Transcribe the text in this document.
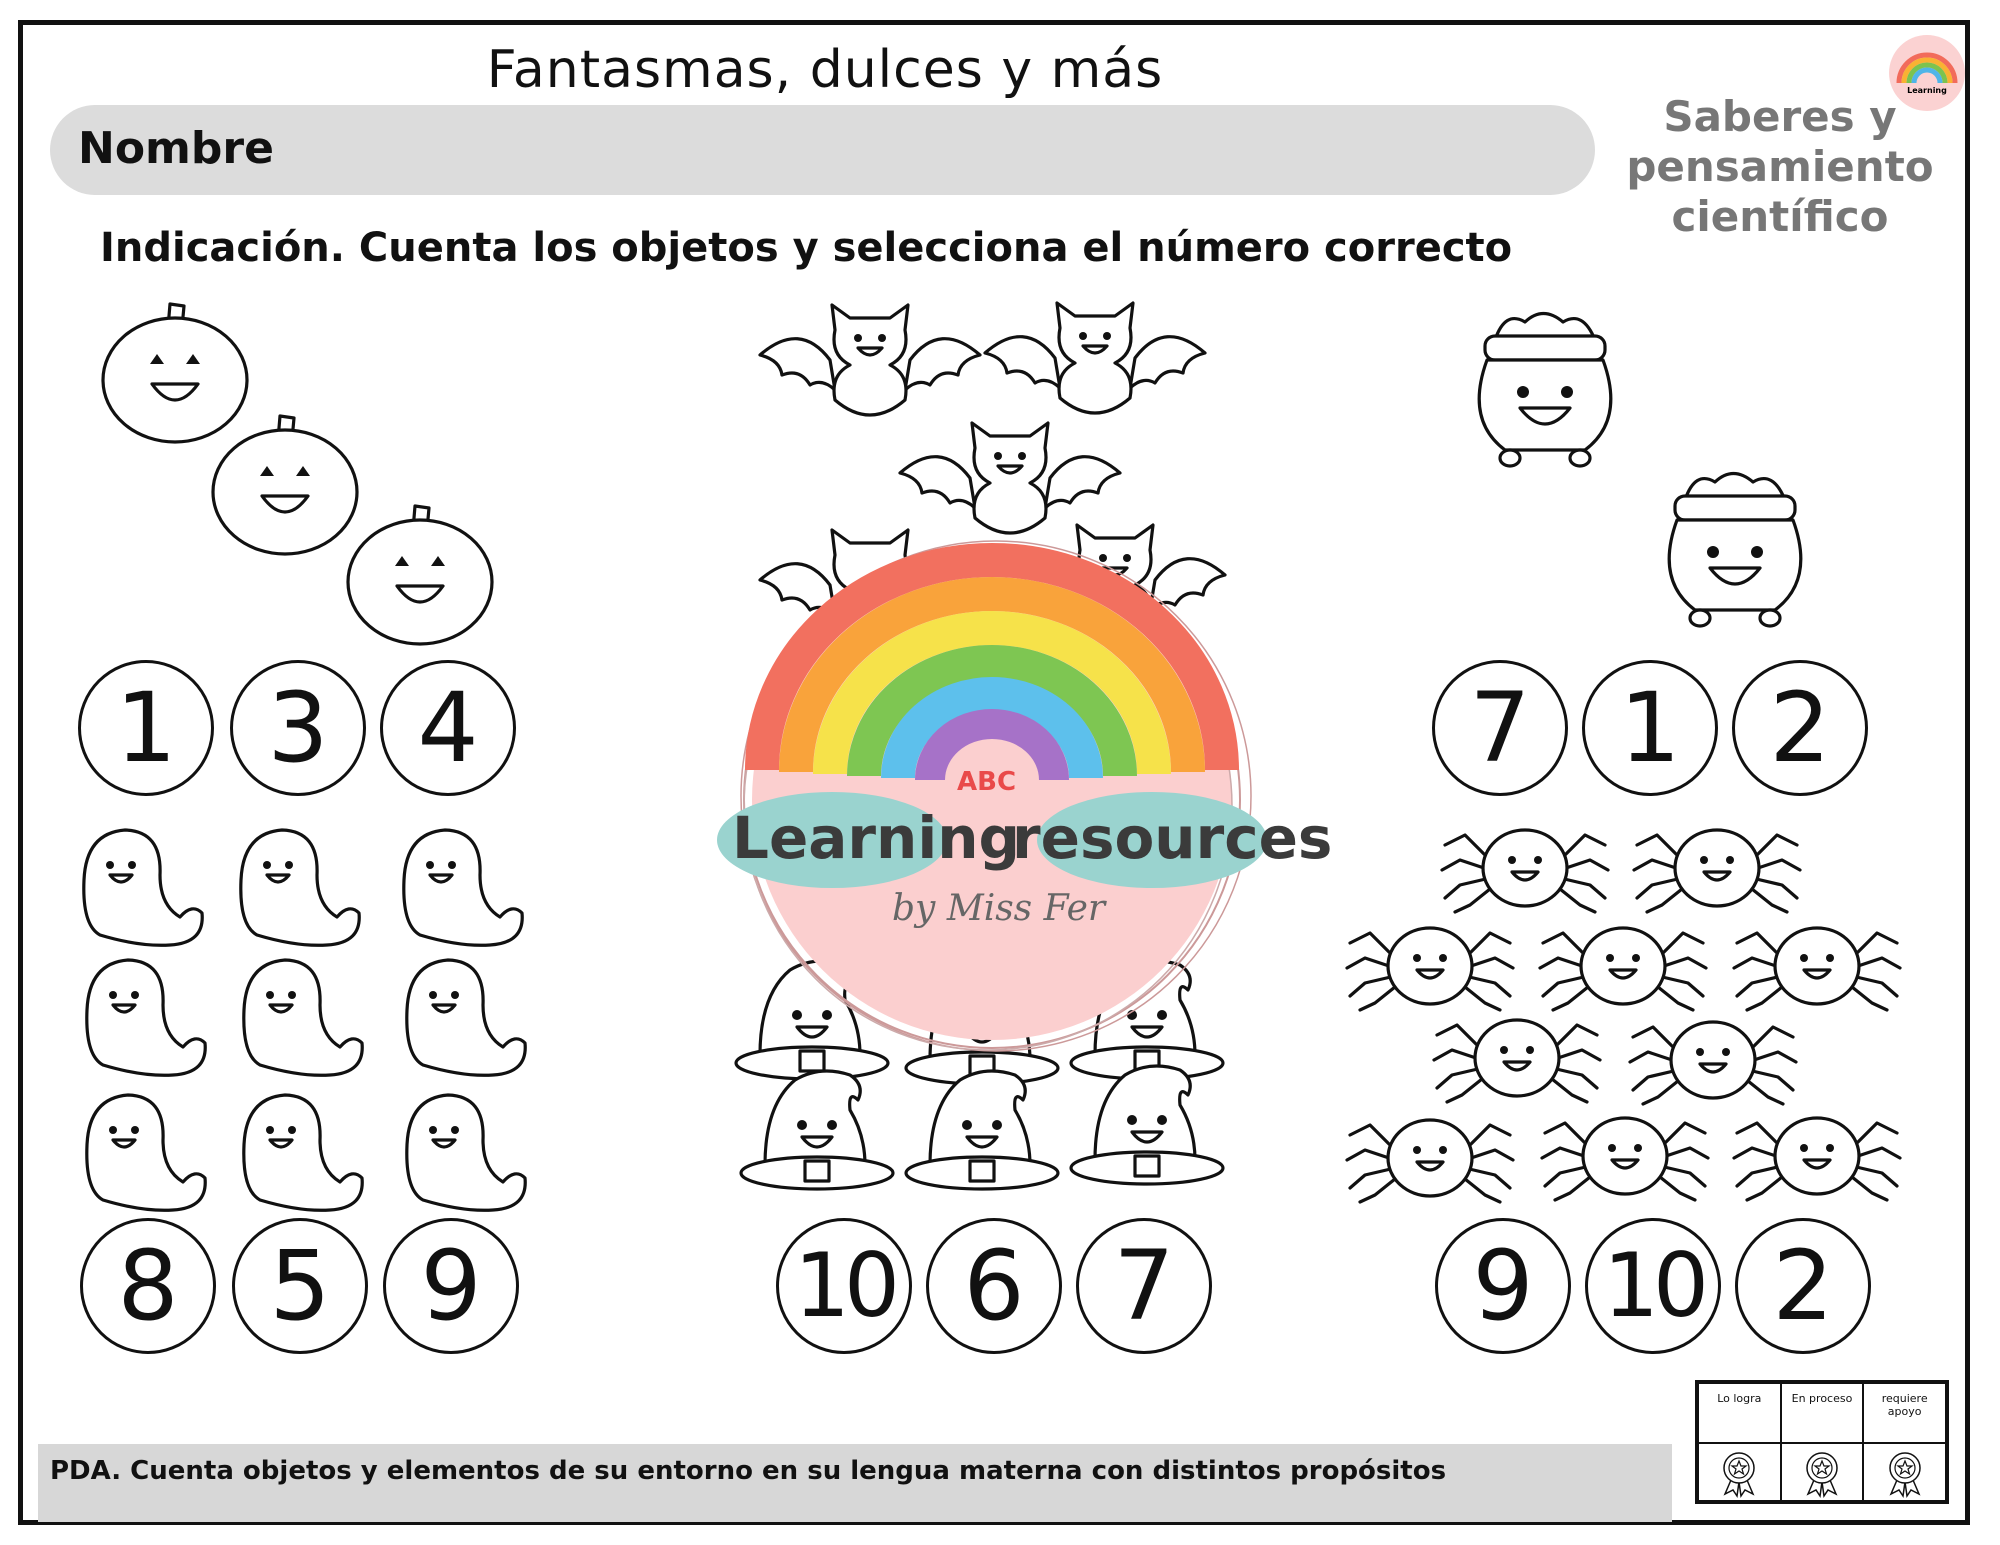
Fantasmas, dulces y más
Nombre
Saberes y
pensamiento
científico
Learning
Indicación. Cuenta los objetos y selecciona el número correcto
ABC
Learning
resources
by Miss Fer
1 3 4	7 1 2
8 5 9	10 6 7	9 10 2
Lo logra	En proceso	requiere apoyo
PDA. Cuenta objetos y elementos de su entorno en su lengua materna con distintos propósitos
